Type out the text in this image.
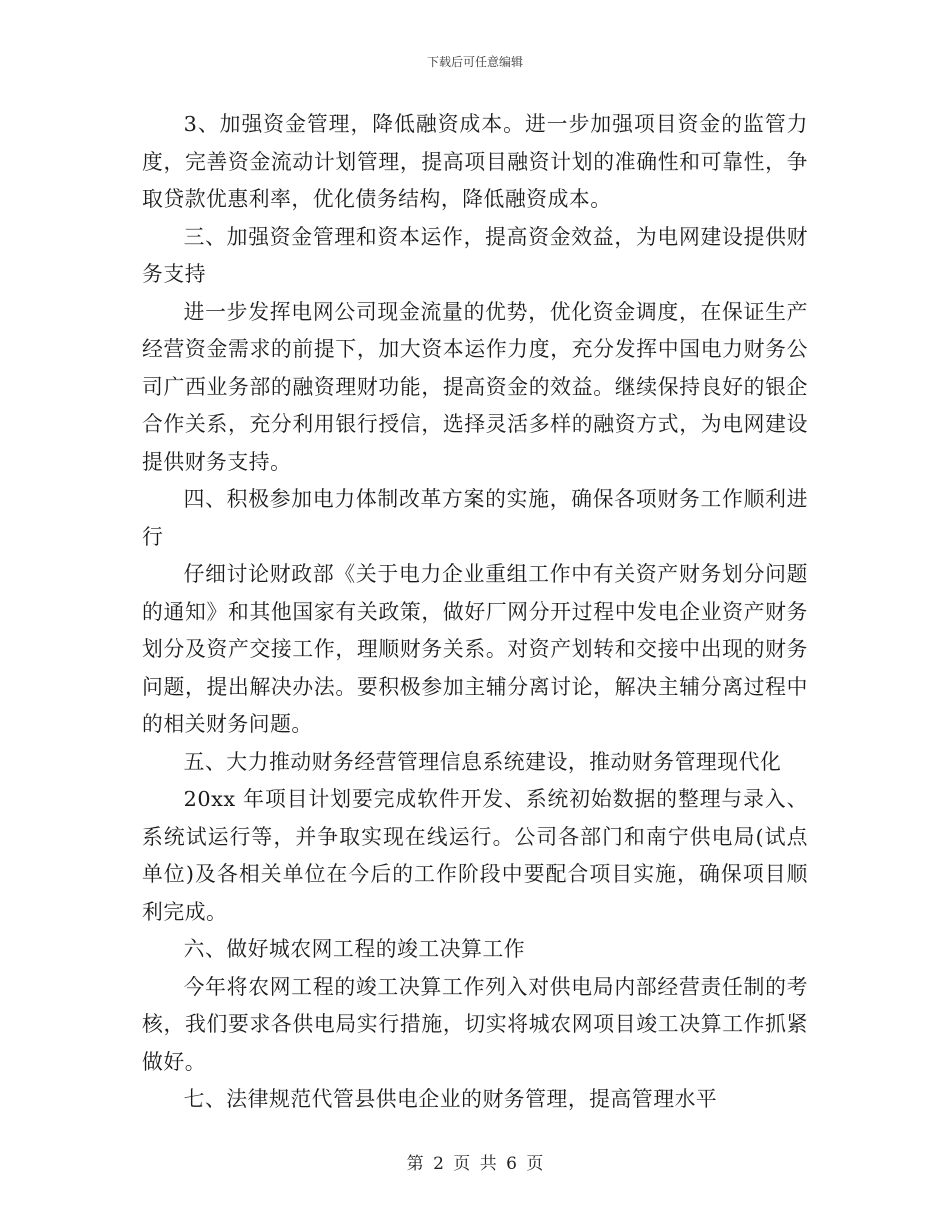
下载后可任意编辑

3、加强资金管理，降低融资成本。进一步加强项目资金的监管力度，完善资金流动计划管理，提高项目融资计划的准确性和可靠性，争取贷款优惠利率，优化债务结构，降低融资成本。

三、加强资金管理和资本运作，提高资金效益，为电网建设提供财务支持

进一步发挥电网公司现金流量的优势，优化资金调度，在保证生产经营资金需求的前提下，加大资本运作力度，充分发挥中国电力财务公司广西业务部的融资理财功能，提高资金的效益。继续保持良好的银企合作关系，充分利用银行授信，选择灵活多样的融资方式，为电网建设提供财务支持。

四、积极参加电力体制改革方案的实施，确保各项财务工作顺利进行

仔细讨论财政部《关于电力企业重组工作中有关资产财务划分问题的通知》和其他国家有关政策，做好厂网分开过程中发电企业资产财务划分及资产交接工作，理顺财务关系。对资产划转和交接中出现的财务问题，提出解决办法。要积极参加主辅分离讨论，解决主辅分离过程中的相关财务问题。

五、大力推动财务经营管理信息系统建设，推动财务管理现代化

20xx 年项目计划要完成软件开发、系统初始数据的整理与录入、系统试运行等，并争取实现在线运行。公司各部门和南宁供电局(试点单位)及各相关单位在今后的工作阶段中要配合项目实施，确保项目顺利完成。

六、做好城农网工程的竣工决算工作

今年将农网工程的竣工决算工作列入对供电局内部经营责任制的考核，我们要求各供电局实行措施，切实将城农网项目竣工决算工作抓紧做好。

七、法律规范代管县供电企业的财务管理，提高管理水平

第 2 页 共 6 页
